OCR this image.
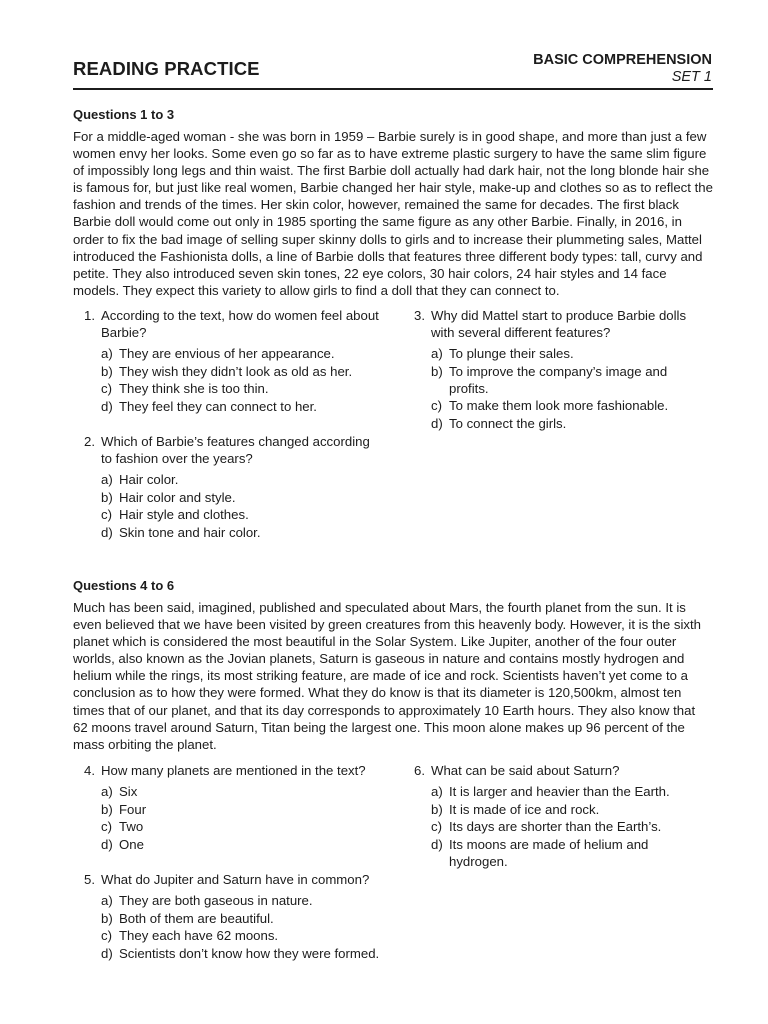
READING PRACTICE	BASIC COMPREHENSION
SET 1
Questions 1 to 3

For a middle-aged woman - she was born in 1959 – Barbie surely is in good shape, and more than just a few women envy her looks. Some even go so far as to have extreme plastic surgery to have the same slim figure of impossibly long legs and thin waist. The first Barbie doll actually had dark hair, not the long blonde hair she is famous for, but just like real women, Barbie changed her hair style, make-up and clothes so as to reflect the fashion and trends of the times. Her skin color, however, remained the same for decades. The first black Barbie doll would come out only in 1985 sporting the same figure as any other Barbie. Finally, in 2016, in order to fix the bad image of selling super skinny dolls to girls and to increase their plummeting sales, Mattel introduced the Fashionista dolls, a line of Barbie dolls that features three different body types: tall, curvy and petite. They also introduced seven skin tones, 22 eye colors, 30 hair colors, 24 hair styles and 14 face models. They expect this variety to allow girls to find a doll that they can connect to.

1. According to the text, how do women feel about Barbie?
a) They are envious of her appearance.
b) They wish they didn’t look as old as her.
c) They think she is too thin.
d) They feel they can connect to her.
2. Which of Barbie’s features changed according to fashion over the years?
a) Hair color.
b) Hair color and style.
c) Hair style and clothes.
d) Skin tone and hair color.
3. Why did Mattel start to produce Barbie dolls with several different features?
a) To plunge their sales.
b) To improve the company’s image and profits.
c) To make them look more fashionable.
d) To connect the girls.
Questions 4 to 6

Much has been said, imagined, published and speculated about Mars, the fourth planet from the sun. It is even believed that we have been visited by green creatures from this heavenly body. However, it is the sixth planet which is considered the most beautiful in the Solar System. Like Jupiter, another of the four outer worlds, also known as the Jovian planets, Saturn is gaseous in nature and contains mostly hydrogen and helium while the rings, its most striking feature, are made of ice and rock. Scientists haven’t yet come to a conclusion as to how they were formed. What they do know is that its diameter is 120,500km, almost ten times that of our planet, and that its day corresponds to approximately 10 Earth hours. They also know that 62 moons travel around Saturn, Titan being the largest one. This moon alone makes up 96 percent of the mass orbiting the planet.

4. How many planets are mentioned in the text?
a) Six
b) Four
c) Two
d) One
5. What do Jupiter and Saturn have in common?
a) They are both gaseous in nature.
b) Both of them are beautiful.
c) They each have 62 moons.
d) Scientists don’t know how they were formed.
6. What can be said about Saturn?
a) It is larger and heavier than the Earth.
b) It is made of ice and rock.
c) Its days are shorter than the Earth’s.
d) Its moons are made of helium and hydrogen.
